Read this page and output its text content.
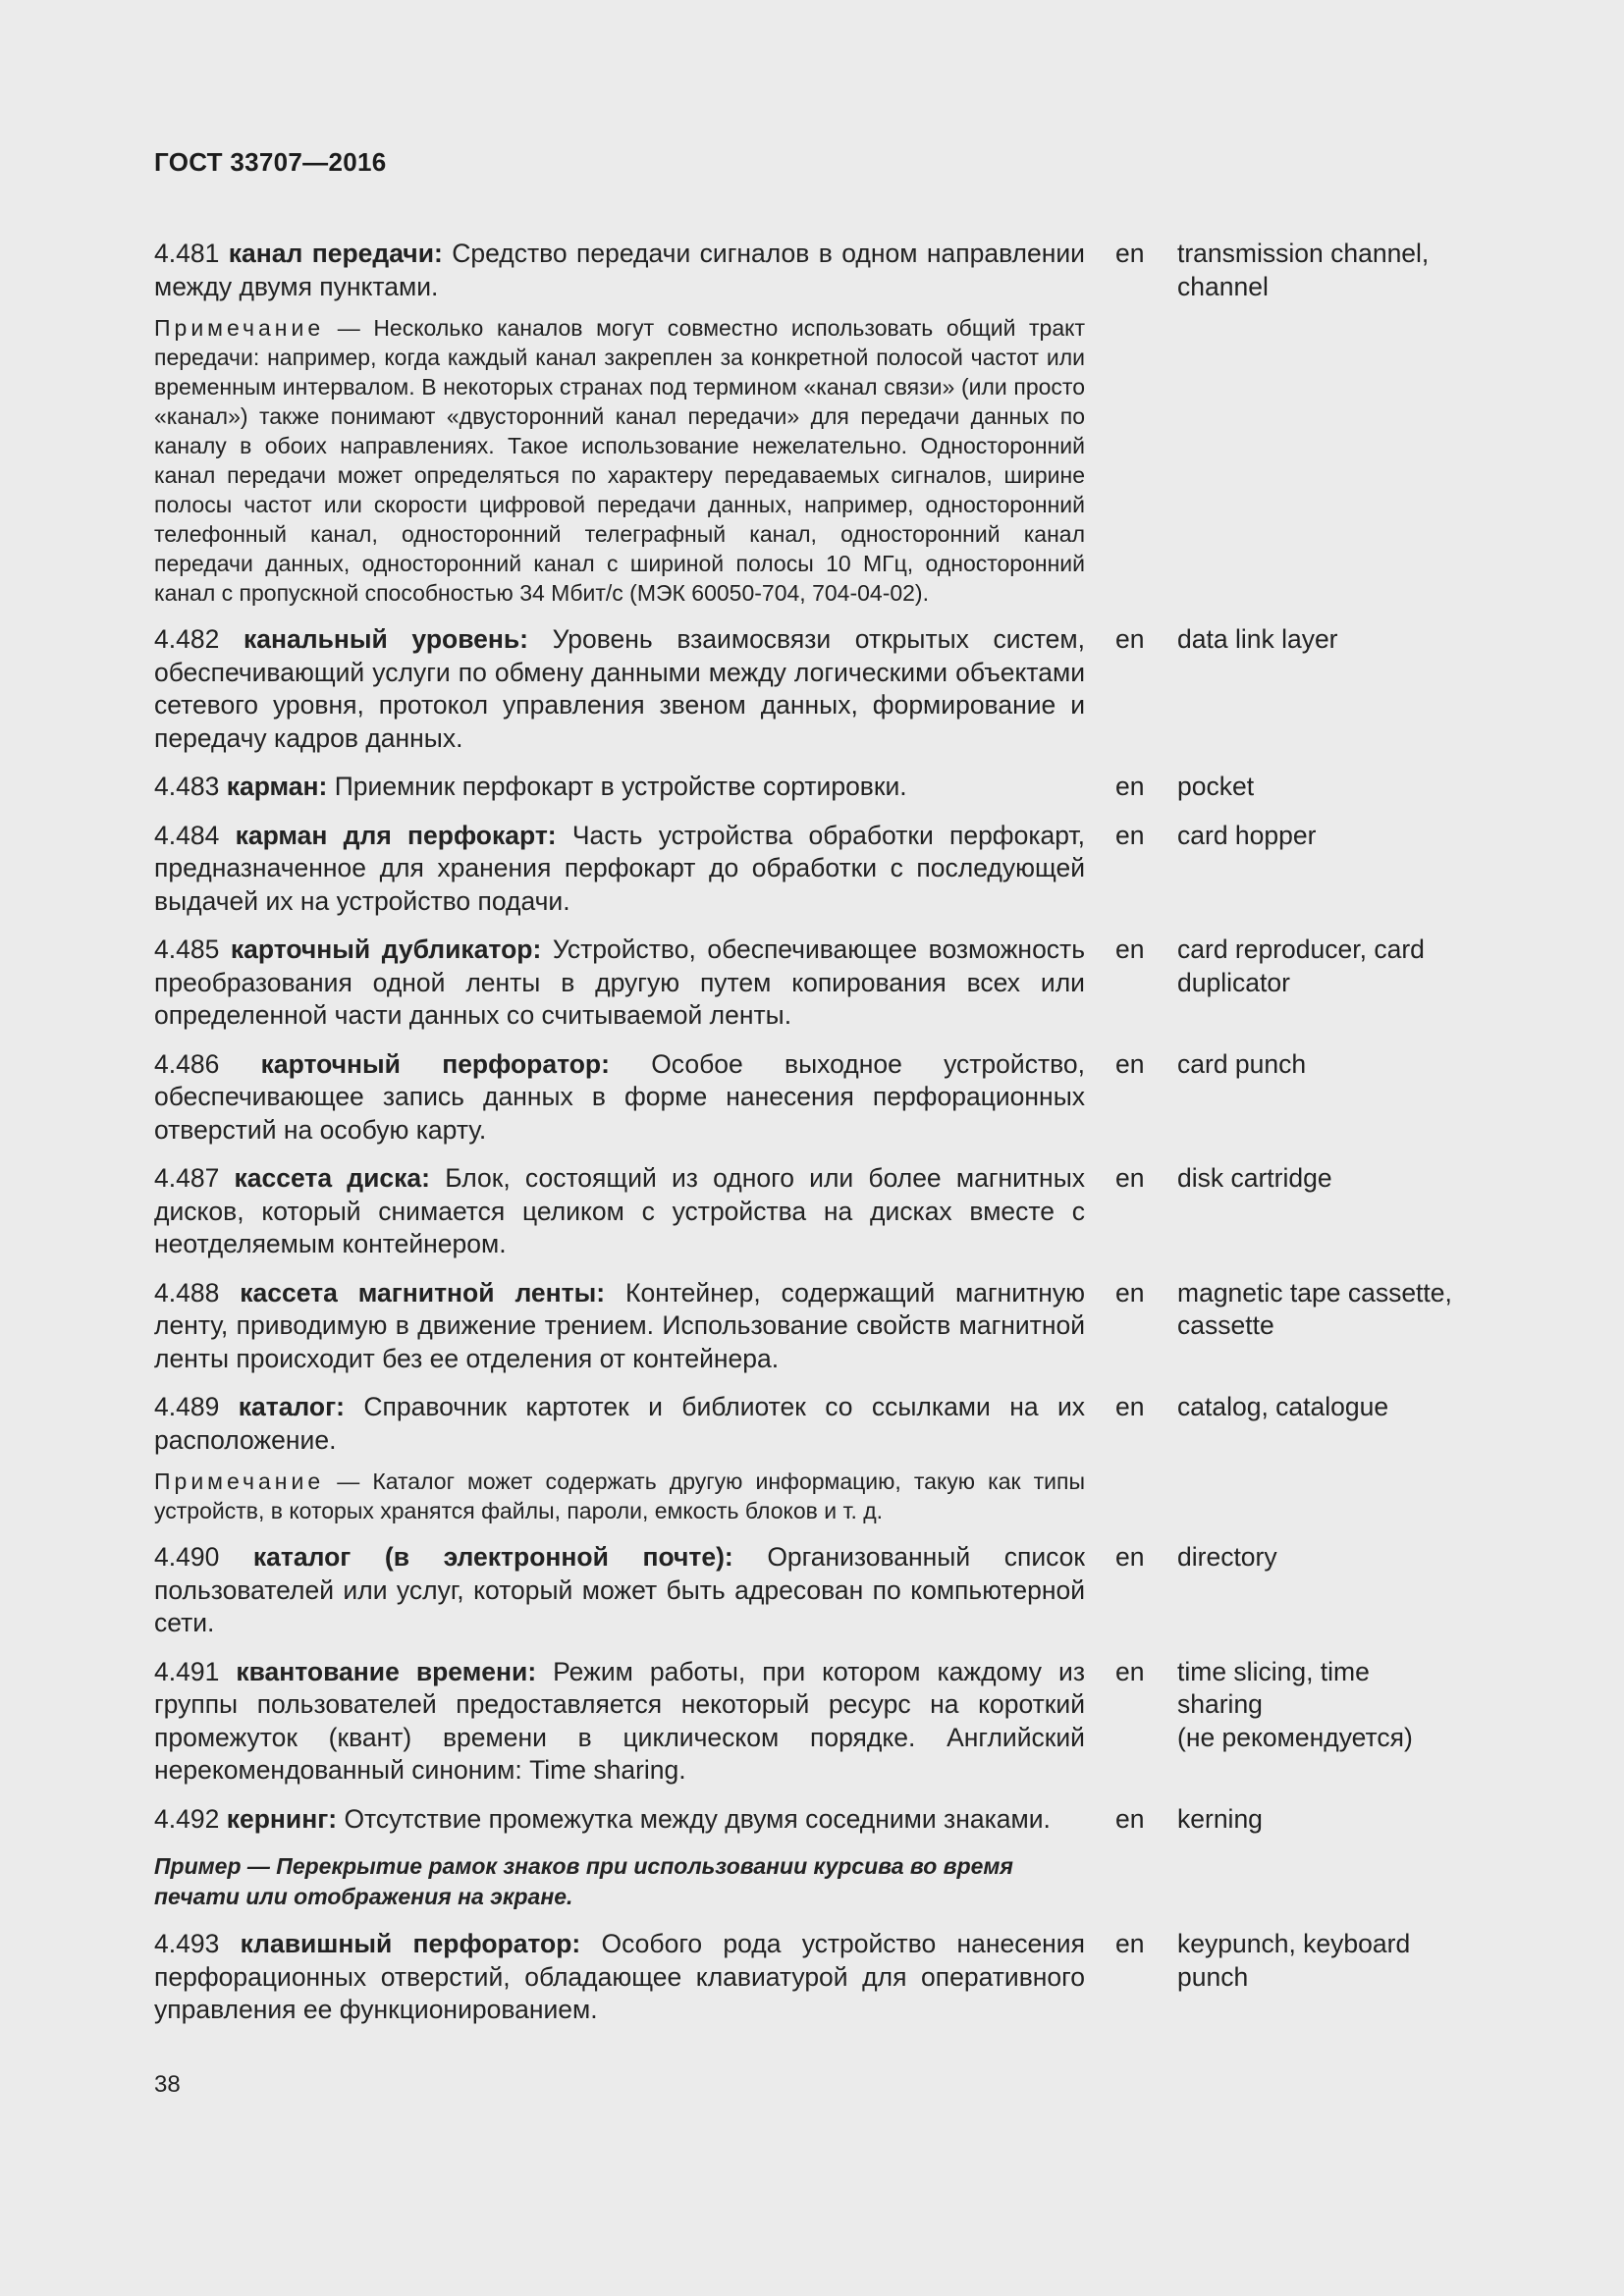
ГОСТ 33707—2016

4.481 канал передачи: Средство передачи сигналов в одном направлении между двумя пунктами.

en transmission channel,
channel

Примечание — Несколько каналов могут совместно использовать общий тракт передачи: например, когда каждый канал закреплен за конкретной полосой частот или временным интервалом. В некоторых странах под термином «канал связи» (или просто «канал») также понимают «двусторонний канал передачи» для передачи данных по каналу в обоих направлениях. Такое использование нежелательно. Односторонний канал передачи может определяться по характеру передаваемых сигналов, ширине полосы частот или скорости цифровой передачи данных, например, односторонний телефонный канал, односторонний телеграфный канал, односторонний канал передачи данных, односторонний канал с шириной полосы 10 МГц, односторонний канал с пропускной способностью 34 Мбит/с (МЭК 60050-704, 704-04-02).

4.482 канальный уровень: Уровень взаимосвязи открытых систем, обеспечивающий услуги по обмену данными между логическими объектами сетевого уровня, протокол управления звеном данных, формирование и передачу кадров данных.

en data link layer

4.483 карман: Приемник перфокарт в устройстве сортировки.	en pocket

4.484 карман для перфокарт: Часть устройства обработки перфокарт, предназначенное для хранения перфокарт до обработки с последующей выдачей их на устройство подачи.

en card hopper

4.485 карточный дубликатор: Устройство, обеспечивающее возможность преобразования одной ленты в другую путем копирования всех или определенной части данных со считываемой ленты.

en card reproducer, card
duplicator

4.486 карточный перфоратор: Особое выходное устройство, обеспечивающее запись данных в форме нанесения перфорационных отверстий на особую карту.

en card punch

4.487 кассета диска: Блок, состоящий из одного или более магнитных дисков, который снимается целиком с устройства на дисках вместе с неотделяемым контейнером.

en disk cartridge

4.488 кассета магнитной ленты: Контейнер, содержащий магнитную ленту, приводимую в движение трением. Использование свойств магнитной ленты происходит без ее отделения от контейнера.

en magnetic tape cassette,
cassette

4.489 каталог: Справочник картотек и библиотек со ссылками на их расположение.

en catalog, catalogue

Примечание — Каталог может содержать другую информацию, такую как типы устройств, в которых хранятся файлы, пароли, емкость блоков и т. д.

4.490 каталог (в электронной почте): Организованный список пользователей или услуг, который может быть адресован по компьютерной сети.

en directory

4.491 квантование времени: Режим работы, при котором каждому из группы пользователей предоставляется некоторый ресурс на короткий промежуток (квант) времени в циклическом порядке. Английский нерекомендованный синоним: Time sharing.

en time slicing, time
sharing
(не рекомендуется)

4.492 кернинг: Отсутствие промежутка между двумя соседними знаками.	en kerning

Пример — Перекрытие рамок знаков при использовании курсива во время печати или отображения на экране.

4.493 клавишный перфоратор: Особого рода устройство нанесения перфорационных отверстий, обладающее клавиатурой для оперативного управления ее функционированием.

en keypunch, keyboard
punch
38
